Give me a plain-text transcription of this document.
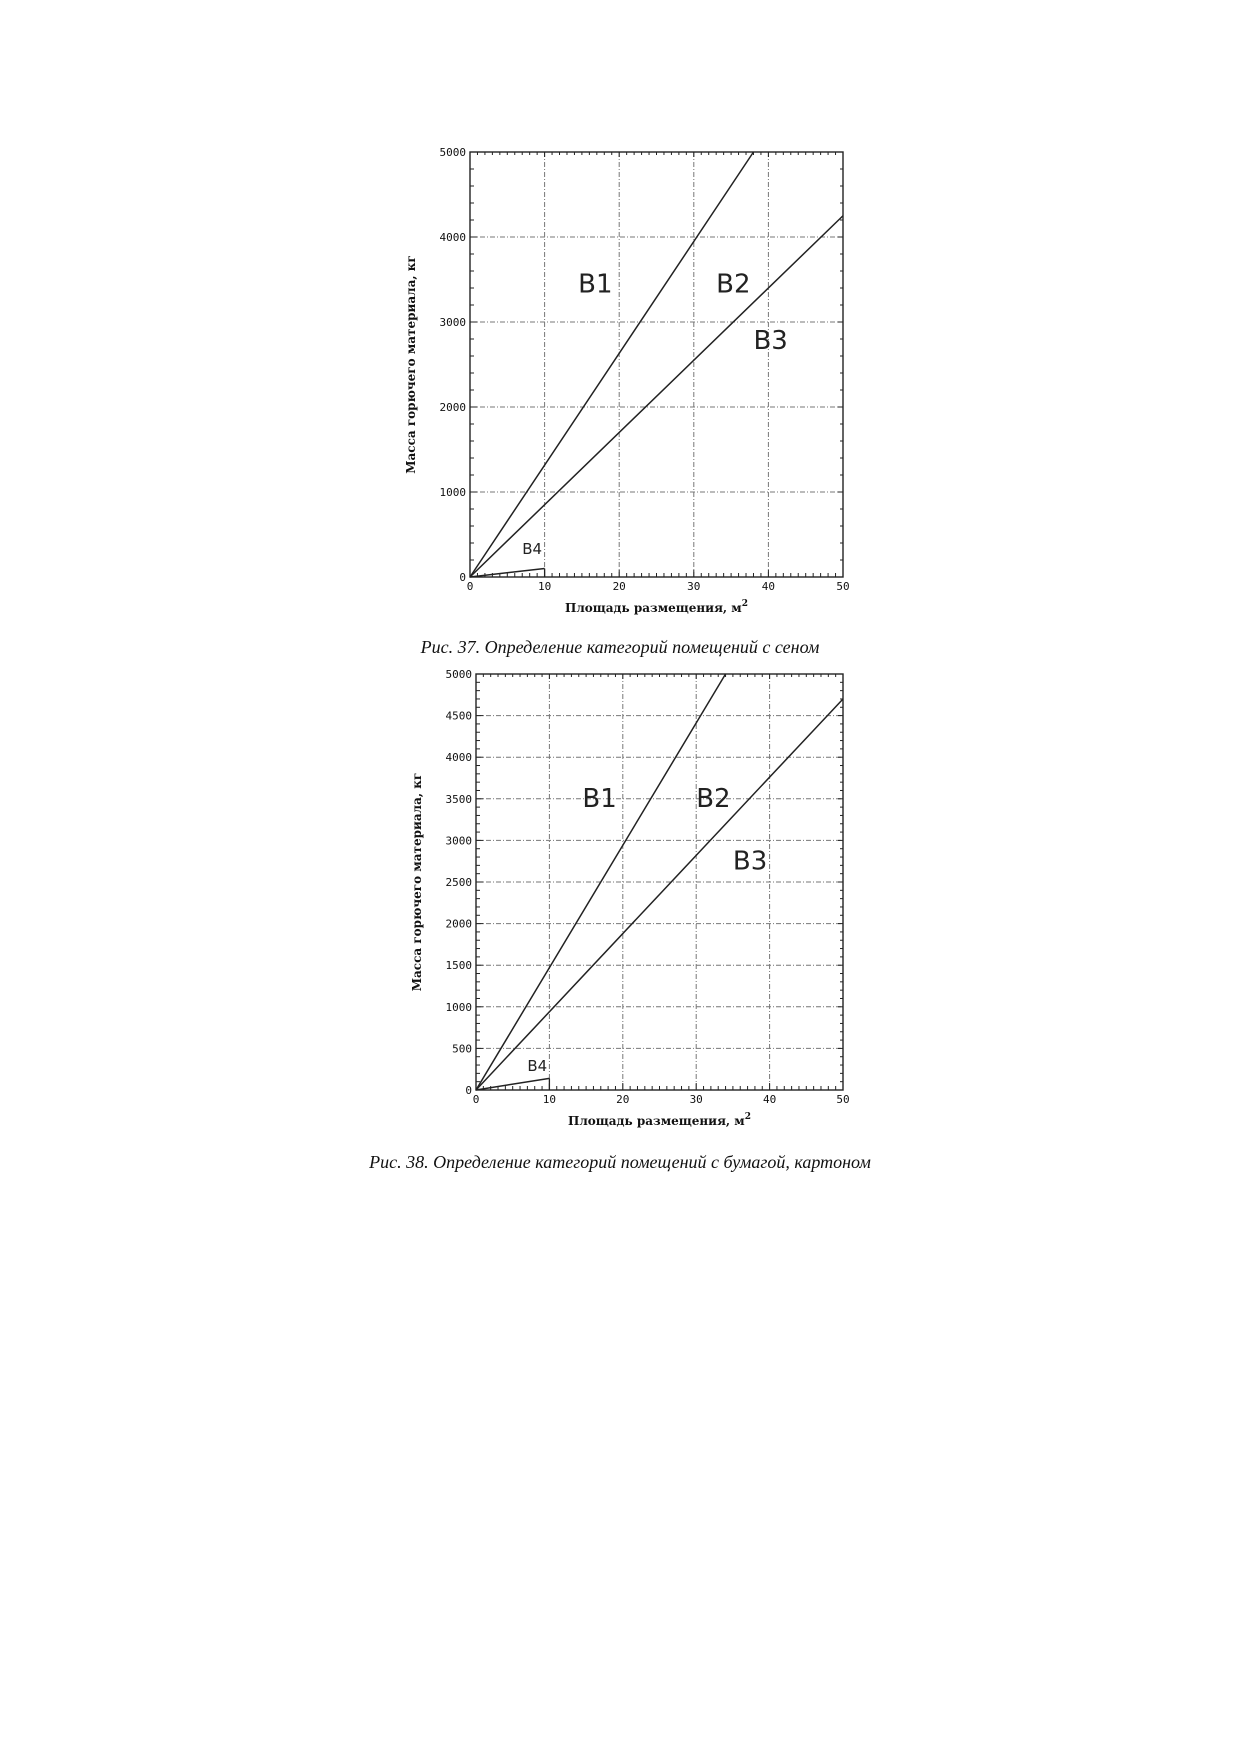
0	10	20	30	40	50
0
1000
2000
3000
4000
5000
Площадь размещения, $м^2$
Масса горючего материала, кг	В1	В2
В3
В4
Рис. 37. Определение категорий помещений с сеном
0	10	20	30	40	50
0
500
1000
1500
2000
2500
3000
3500
4000
4500
5000
Площадь размещения, $м^2$
Масса горючего материала, кг	В1	В2
В3
В4
Рис. 38. Определение категорий помещений с бумагой, картоном
